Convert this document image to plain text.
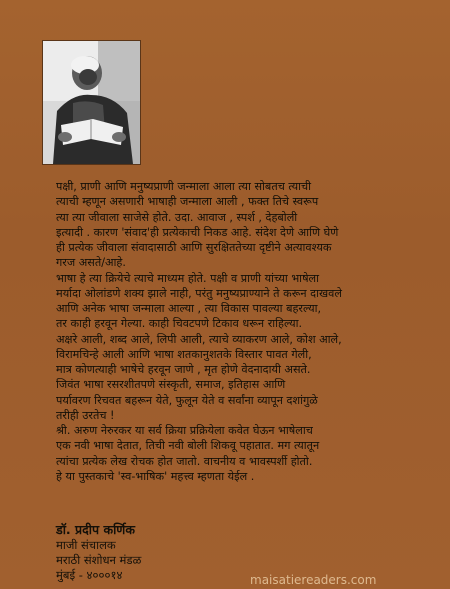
पक्षी, प्राणी आणि मनुष्यप्राणी जन्माला आला त्या सोबतच त्याची

त्याची म्हणून असणारी भाषाही जन्माला आली , फक्त तिचे स्वरूप

त्या त्या जीवाला साजेसे होते. उदा. आवाज , स्पर्श , देहबोली

इत्यादी . कारण 'संवाद'ही प्रत्येकाची निकड आहे. संदेश देणे आणि घेणे

ही प्रत्येक जीवाला संवादासाठी आणि सुरक्षिततेच्या दृष्टीने अत्यावश्यक

गरज असते/आहे.

भाषा हे त्या क्रियेचे त्याचे माध्यम होते. पक्षी व प्राणी यांच्या भाषेला

मर्यादा ओलांडणे शक्य झाले नाही, परंतु मनुष्यप्राण्याने ते करून दाखवले

आणि अनेक भाषा जन्माला आल्या , त्या विकास पावल्या बहरल्या,

तर काही हरवून गेल्या. काही चिवटपणे टिकाव धरून राहिल्या.

अक्षरे आली, शब्द आले, लिपी आली, त्याचे व्याकरण आले, कोश आले,

विरामचिन्हे आली आणि भाषा शतकानुशतके विस्तार पावत गेली,

मात्र कोणत्याही भाषेचे हरवून जाणे , मृत होणे वेदनादायी असते.

जिवंत भाषा रसरशीतपणे संस्कृती, समाज, इतिहास आणि

पर्यावरण रिचवत बहरून येते, फुलून येते व सर्वांना व्यापून दशांगुळे

तरीही उरतेच !

श्री. अरुण नेरुरकर या सर्व क्रिया प्रक्रियेला कवेत घेऊन भाषेलाच

एक नवी भाषा देतात, तिची नवी बोली शिकवू पहातात. मग त्यातून

त्यांचा प्रत्येक लेख रोचक होत जातो. वाचनीय व भावस्पर्शी होतो.

हे या पुस्तकाचे 'स्व-भाषिक' महत्त्व म्हणता येईल .

डॉ. प्रदीप कर्णिक
माजी संचालक
मराठी संशोधन मंडळ
मुंबई - ४०००१४	maisatiereaders.com
